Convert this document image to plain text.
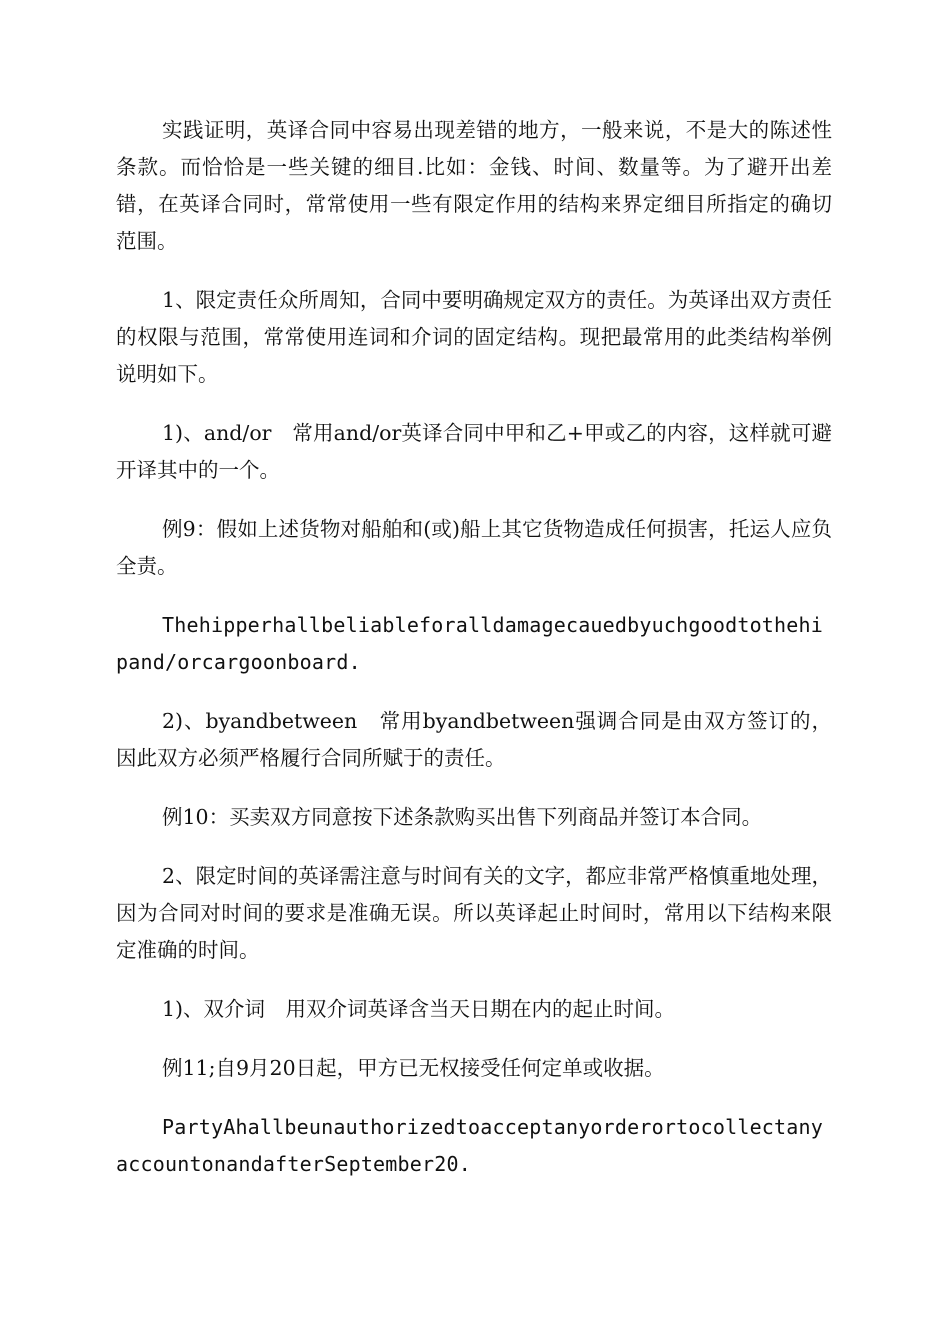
实践证明，英译合同中容易出现差错的地方，一般来说，不是大的陈述性条款。而恰恰是一些关键的细目.比如：金钱、时间、数量等。为了避开出差错，在英译合同时，常常使用一些有限定作用的结构来界定细目所指定的确切范围。

1、限定责任众所周知，合同中要明确规定双方的责任。为英译出双方责任的权限与范围，常常使用连词和介词的固定结构。现把最常用的此类结构举例说明如下。

1)、and/or　常用and/or英译合同中甲和乙+甲或乙的内容，这样就可避开译其中的一个。

例9：假如上述货物对船舶和(或)船上其它货物造成任何损害，托运人应负全责。

Thehipperhallbeliableforalldamagecauedbyuchgoodtothehipand/orcargoonboard.

2)、byandbetween　常用byandbetween强调合同是由双方签订的，因此双方必须严格履行合同所赋于的责任。

例10：买卖双方同意按下述条款购买出售下列商品并签订本合同。

2、限定时间的英译需注意与时间有关的文字，都应非常严格慎重地处理，因为合同对时间的要求是准确无误。所以英译起止时间时，常用以下结构来限定准确的时间。

1)、双介词　用双介词英译含当天日期在内的起止时间。

例11;自9月20日起，甲方已无权接受任何定单或收据。

PartyAhallbeunauthorizedtoacceptanyorderortocollectanyaccountonandafterSeptember20.
